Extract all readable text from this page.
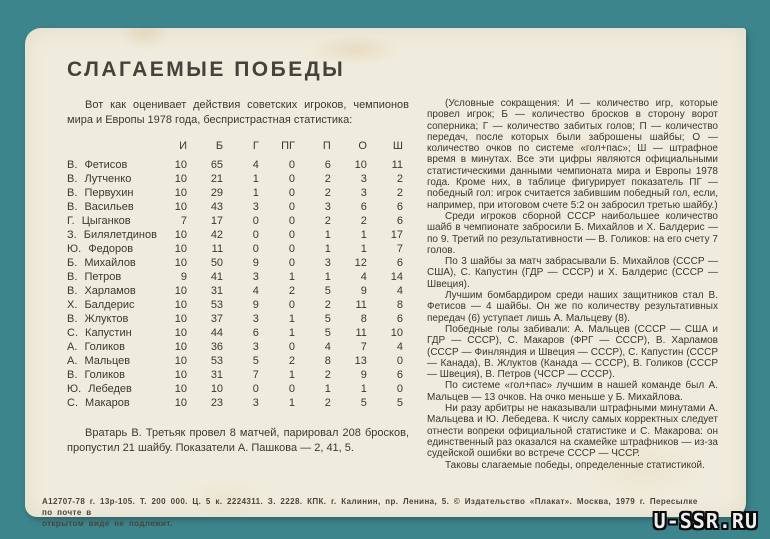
СЛАГАЕМЫЕ ПОБЕДЫ

Вот как оценивает действия советских игроков, чемпионов мира и Европы 1978 года, беспристрастная статистика:

	И	Б	Г	ПГ	П	О	Ш
В. Фетисов	10	65	4	0	6	10	11
В. Лутченко	10	21	1	0	2	3	2
В. Первухин	10	29	1	0	2	3	2
В. Васильев	10	43	3	0	3	6	6
Г. Цыганков	7	17	0	0	2	2	6
З. Билялетдинов	10	42	0	0	1	1	17
Ю. Федоров	10	11	0	0	1	1	7
Б. Михайлов	10	50	9	0	3	12	6
В. Петров	9	41	3	1	1	4	14
В. Харламов	10	31	4	2	5	9	4
Х. Балдерис	10	53	9	0	2	11	8
В. Жлуктов	10	37	3	1	5	8	6
С. Капустин	10	44	6	1	5	11	10
А. Голиков	10	36	3	0	4	7	4
А. Мальцев	10	53	5	2	8	13	0
В. Голиков	10	31	7	1	2	9	6
Ю. Лебедев	10	10	0	0	1	1	0
С. Макаров	10	23	3	1	2	5	5

Вратарь В. Третьяк провел 8 матчей, парировал 208 бросков, пропустил 21 шайбу. Показатели А. Пашкова — 2, 41, 5.

(Условные сокращения: И — количество игр, которые провел игрок; Б — количество бросков в сторону ворот соперника; Г — количество забитых голов; П — количество передач, после которых были заброшены шайбы; О — количество очков по системе «гол+пас»; Ш — штрафное время в минутах. Все эти цифры являются официальными статистическими данными чемпионата мира и Европы 1978 года. Кроме них, в таблице фигурирует показатель ПГ — победный гол: игрок считается забившим победный гол, если, например, при итоговом счете 5:2 он забросил третью шайбу.)

Среди игроков сборной СССР наибольшее количество шайб в чемпионате забросили Б. Михайлов и Х. Балдерис — по 9. Третий по результативности — В. Голиков: на его счету 7 голов.

По 3 шайбы за матч забрасывали Б. Михайлов (СССР — США), С. Капустин (ГДР — СССР) и Х. Балдерис (СССР — Швеция).

Лучшим бомбардиром среди наших защитников стал В. Фетисов — 4 шайбы. Он же по количеству результативных передач (6) уступает лишь А. Мальцеву (8).

Победные голы забивали: А. Мальцев (СССР — США и ГДР — СССР), С. Макаров (ФРГ — СССР), В. Харламов (СССР — Финляндия и Швеция — СССР), С. Капустин (СССР — Канада), В. Жлуктов (Канада — СССР), В. Голиков (СССР — Швеция), В. Петров (ЧССР — СССР).

По системе «гол+пас» лучшим в нашей команде был А. Мальцев — 13 очков. На очко меньше у Б. Михайлова.

Ни разу арбитры не наказывали штрафными минутами А. Мальцева и Ю. Лебедева. К числу самых корректных следует отнести вопреки официальной статистике и С. Макарова: он единственный раз оказался на скамейке штрафников — из-за судейской ошибки во встрече СССР — ЧССР.

Таковы слагаемые победы, определенные статистикой.

А12707-78 г. 13р-105. Т. 200 000. Ц. 5 к. 2224311. З. 2228. КПК. г. Калинин, пр. Ленина, 5. © Издательство «Плакат». Москва, 1979 г. Пересылке по почте в
открытом виде не подлежит.	U-SSR.RU
